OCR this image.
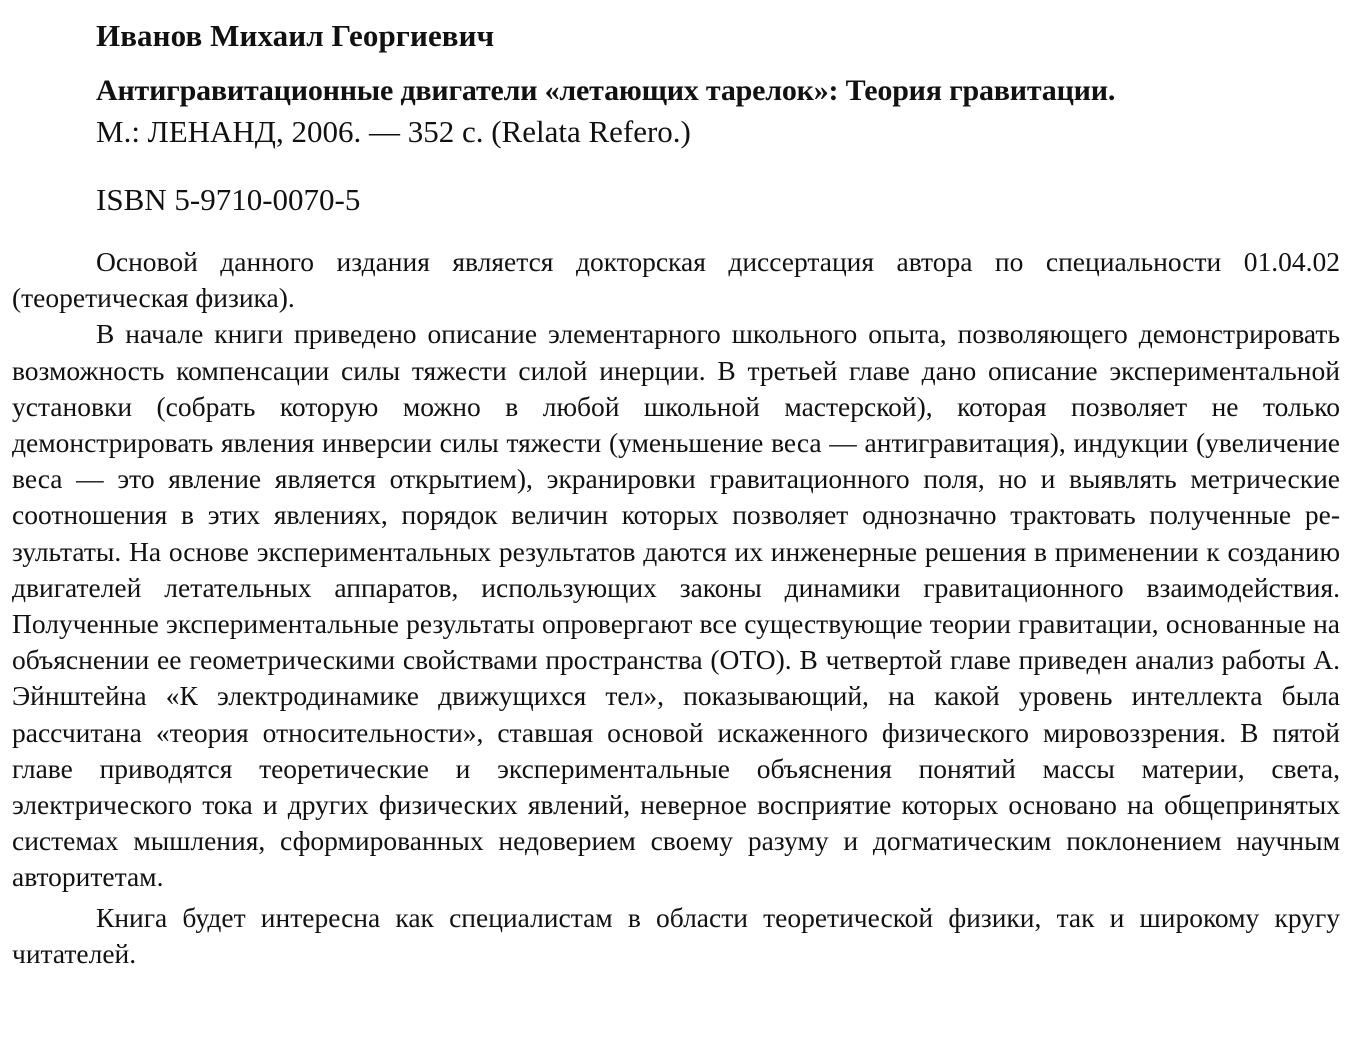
Иванов Михаил Георгиевич
Антигравитационные двигатели «летающих тарелок»: Теория гравитации.
М.: ЛЕНАНД, 2006. — 352 с. (Relata Refero.)
ISBN 5-9710-0070-5

Основой данного издания является докторская диссертация автора по специальности 01.04.02 (теоретическая физика).

В начале книги приведено описание элементарного школьного опыта, позволяющего демонстрировать возможность компенсации силы тяжести силой инерции. В третьей главе дано описание экспериментальной установки (собрать которую можно в любой школьной мастерской), которая позволяет не только демонстрировать явления инверсии силы тяжести (уменьшение веса — антигравитация), индукции (увеличение веса — это явление является открытием), экранировки гравитационного поля, но и выявлять метрические соотношения в этих явлениях, порядок величин которых позволяет однозначно трактовать полученные результаты. На основе экспериментальных результатов даются их инженерные решения в применении к созданию двигателей летательных аппаратов, использующих законы динамики гравитационного взаимодействия. Полученные экспериментальные результаты опровергают все существующие теории гравитации, основанные на объяснении ее геометрическими свойствами пространства (ОТО). В четвертой главе приведен анализ работы А. Эйнштейна «К электродинамике движущихся тел», показывающий, на какой уровень интеллекта была рассчитана «теория относительности», ставшая основой искаженного физического мировоззрения. В пятой главе приводятся теоретические и экспериментальные объяснения понятий массы материи, света, электрического тока и других физических явлений, неверное восприятие которых основано на общепринятых системах мышления, сформированных недоверием своему разуму и догматическим поклонением научным авторитетам.

Книга будет интересна как специалистам в области теоретической физики, так и широкому кругу читателей.
